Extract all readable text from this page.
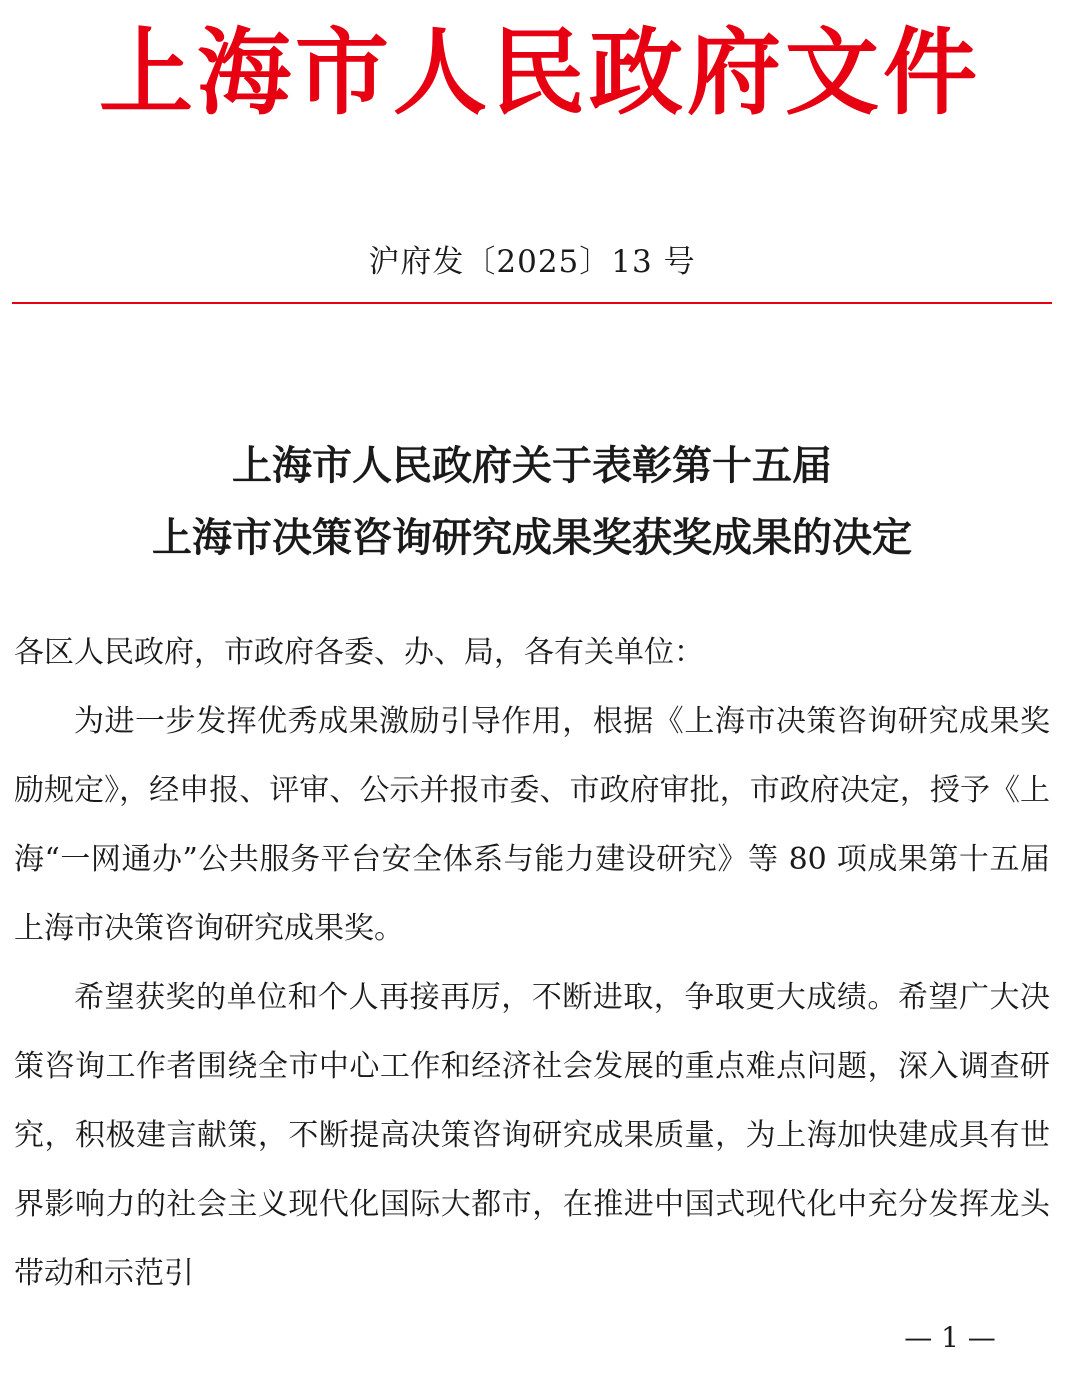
上海市人民政府文件
沪府发〔2025〕13 号
上海市人民政府关于表彰第十五届
上海市决策咨询研究成果奖获奖成果的决定

各区人民政府，市政府各委、办、局，各有关单位：

为进一步发挥优秀成果激励引导作用，根据《上海市决策咨询研究成果奖励规定》，经申报、评审、公示并报市委、市政府审批，市政府决定，授予《上海“一网通办”公共服务平台安全体系与能力建设研究》等 80 项成果第十五届上海市决策咨询研究成果奖。

希望获奖的单位和个人再接再厉，不断进取，争取更大成绩。希望广大决策咨询工作者围绕全市中心工作和经济社会发展的重点难点问题，深入调查研究，积极建言献策，不断提高决策咨询研究成果质量，为上海加快建成具有世界影响力的社会主义现代化国际大都市，在推进中国式现代化中充分发挥龙头带动和示范引

— 1 —
